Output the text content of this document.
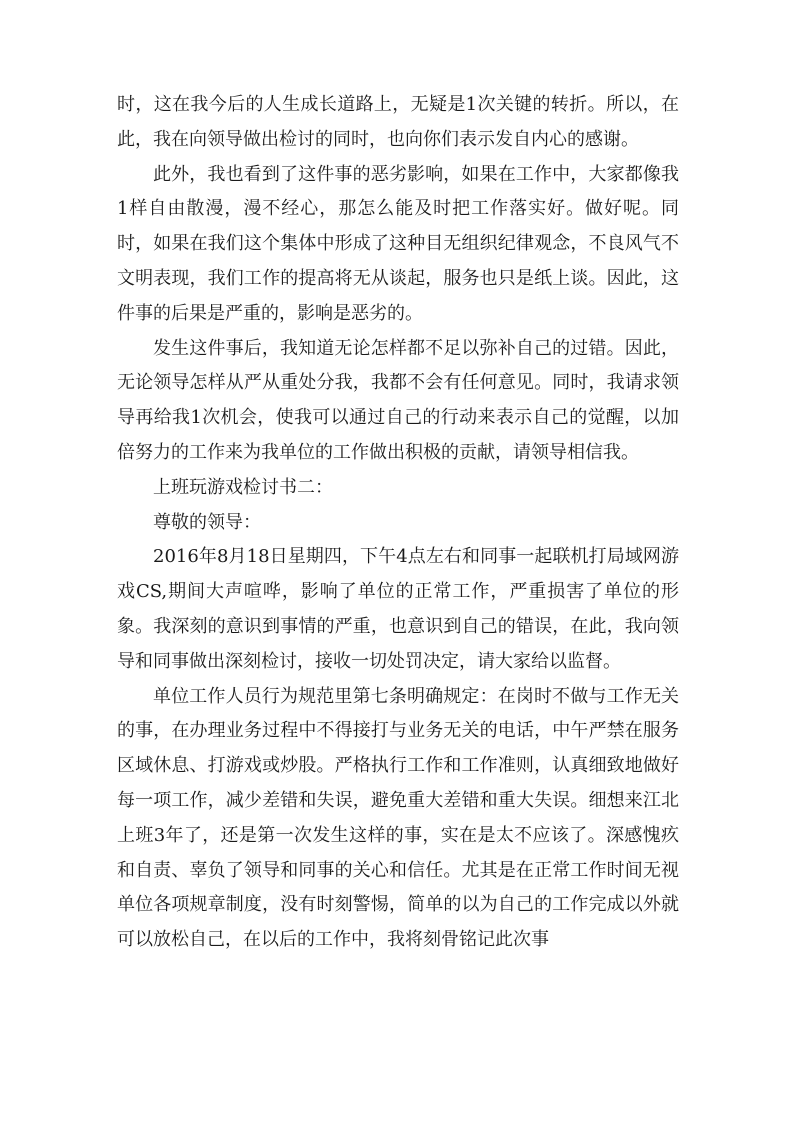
时，这在我今后的人生成长道路上，无疑是1次关键的转折。所以，在此，我在向领导做出检讨的同时，也向你们表示发自内心的感谢。

此外，我也看到了这件事的恶劣影响，如果在工作中，大家都像我1样自由散漫，漫不经心，那怎么能及时把工作落实好。做好呢。同时，如果在我们这个集体中形成了这种目无组织纪律观念，不良风气不文明表现，我们工作的提高将无从谈起，服务也只是纸上谈。因此，这件事的后果是严重的，影响是恶劣的。

发生这件事后，我知道无论怎样都不足以弥补自己的过错。因此，无论领导怎样从严从重处分我，我都不会有任何意见。同时，我请求领导再给我1次机会，使我可以通过自己的行动来表示自己的觉醒，以加倍努力的工作来为我单位的工作做出积极的贡献，请领导相信我。

上班玩游戏检讨书二：

尊敬的领导：

2016年8月18日星期四，下午4点左右和同事一起联机打局域网游戏CS,期间大声喧哗，影响了单位的正常工作，严重损害了单位的形象。我深刻的意识到事情的严重，也意识到自己的错误，在此，我向领导和同事做出深刻检讨，接收一切处罚决定，请大家给以监督。

单位工作人员行为规范里第七条明确规定：在岗时不做与工作无关的事，在办理业务过程中不得接打与业务无关的电话，中午严禁在服务区域休息、打游戏或炒股。严格执行工作和工作准则，认真细致地做好每一项工作，减少差错和失误，避免重大差错和重大失误。细想来江北上班3年了，还是第一次发生这样的事，实在是太不应该了。深感愧疚和自责、辜负了领导和同事的关心和信任。尤其是在正常工作时间无视单位各项规章制度，没有时刻警惕，简单的以为自己的工作完成以外就可以放松自己，在以后的工作中，我将刻骨铭记此次事
